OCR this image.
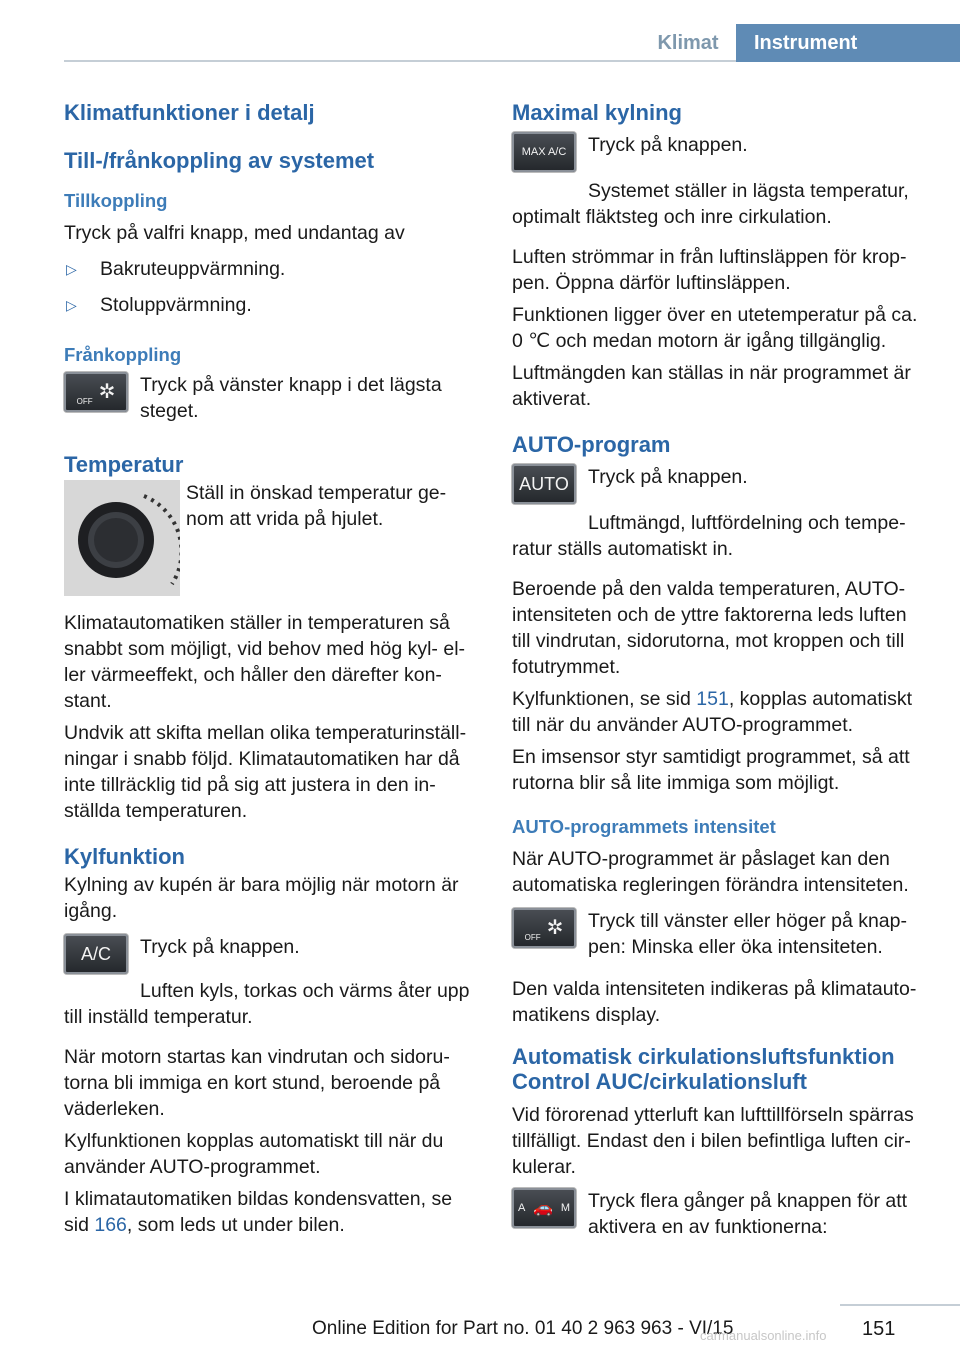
Klimat	Instrument
Klimatfunktioner i detalj
Till-/frånkoppling av systemet
Tillkoppling

Tryck på valfri knapp, med undantag av

▷	Bakruteuppvärmning.
▷	Stoluppvärmning.
Frånkoppling
OFF ✲ Tryck på vänster knapp i det lägsta steget.

Temperatur

Ställ in önskad temperatur ge-nom att vrida på hjulet.

Klimatautomatiken ställer in temperaturen så snabbt som möjligt, vid behov med hög kyl- el-ler värmeeffekt, och håller den därefter kon-stant.

Undvik att skifta mellan olika temperaturinställ-ningar i snabb följd. Klimatautomatiken har då inte tillräcklig tid på sig att justera in den in-ställda temperaturen.

Kylfunktion

Kylning av kupén är bara möjlig när motorn är igång.

A/C	Tryck på knappen.

Luften kyls, torkas och värms åter upp till inställd temperatur.

När motorn startas kan vindrutan och sidoru-torna bli immiga en kort stund, beroende på väderleken.

Kylfunktionen kopplas automatiskt till när du använder AUTO-programmet.

I klimatautomatiken bildas kondensvatten, se sid 166, som leds ut under bilen.

Maximal kylning
MAX A/C	Tryck på knappen.

Systemet ställer in lägsta temperatur, optimalt fläktsteg och inre cirkulation.

Luften strömmar in från luftinsläppen för krop-pen. Öppna därför luftinsläppen.

Funktionen ligger över en utetemperatur på ca. 0 ℃ och medan motorn är igång tillgänglig.

Luftmängden kan ställas in när programmet är aktiverat.

AUTO-program
AUTO Tryck på knappen.

Luftmängd, luftfördelning och tempe-ratur ställs automatiskt in.

Beroende på den valda temperaturen, AUTO-intensiteten och de yttre faktorerna leds luften till vindrutan, sidorutorna, mot kroppen och till fotutrymmet.

Kylfunktionen, se sid 151, kopplas automatiskt till när du använder AUTO-programmet.

En imsensor styr samtidigt programmet, så att rutorna blir så lite immiga som möjligt.

AUTO-programmets intensitet

När AUTO-programmet är påslaget kan den automatiska regleringen förändra intensiteten.

OFF ✲ Tryck till vänster eller höger på knap-pen: Minska eller öka intensiteten.

Den valda intensiteten indikeras på klimatauto-matikens display.

Automatisk cirkulationsluftsfunktion Control AUC/cirkulationsluft

Vid förorenad ytterluft kan lufttillförseln spärras tillfälligt. Endast den i bilen befintliga luften cir-kulerar.

A 🚗 M Tryck flera gånger på knappen för att aktivera en av funktionerna:

151
Online Edition for Part no. 01 40 2 963 963 - VI/15
carmanualsonline.info
